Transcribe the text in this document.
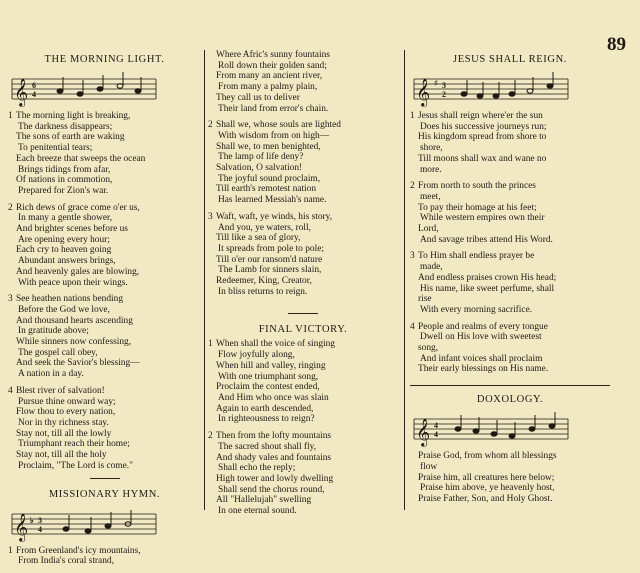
89
THE MORNING LIGHT.
𝄞 6
4
1 The morning light is breaking,
The darkness disappears;
The sons of earth are waking
To penitential tears;
Each breeze that sweeps the ocean
Brings tidings from afar,
Of nations in commotion,
Prepared for Zion's war.
2 Rich dews of grace come o'er us,
In many a gentle shower,
And brighter scenes before us
Are opening every hour;
Each cry to heaven going
Abundant answers brings,
And heavenly gales are blowing,
With peace upon their wings.
3 See heathen nations bending
Before the God we love,
And thousand hearts ascending
In gratitude above;
While sinners now confessing,
The gospel call obey,
And seek the Savior's blessing—
A nation in a day.
4 Blest river of salvation!
Pursue thine onward way;
Flow thou to every nation,
Nor in thy richness stay.
Stay not, till all the lowly
Triumphant reach their home;
Stay not, till all the holy
Proclaim, "The Lord is come."
MISSIONARY HYMN.
𝄞 ♭ 3
4
1 From Greenland's icy mountains,
From India's coral strand,
Where Afric's sunny fountains
Roll down their golden sand;
From many an ancient river,
From many a palmy plain,
They call us to deliver
Their land from error's chain.
2 Shall we, whose souls are lighted
With wisdom from on high—
Shall we, to men benighted,
The lamp of life deny?
Salvation, O salvation!
The joyful sound proclaim,
Till earth's remotest nation
Has learned Messiah's name.
3 Waft, waft, ye winds, his story,
And you, ye waters, roll,
Till like a sea of glory,
It spreads from pole to pole;
Till o'er our ransom'd nature
The Lamb for sinners slain,
Redeemer, King, Creator,
In bliss returns to reign.
FINAL VICTORY.
1 When shall the voice of singing
Flow joyfully along,
When hill and valley, ringing
With one triumphant song,
Proclaim the contest ended,
And Him who once was slain
Again to earth descended,
In righteousness to reign?
2 Then from the lofty mountains
The sacred shout shall fly,
And shady vales and fountains
Shall echo the reply;
High tower and lowly dwelling
Shall send the chorus round,
All "Hallelujah" swelling
In one eternal sound.
JESUS SHALL REIGN.
𝄞 ♯ 3
2
1 Jesus shall reign where'er the sun
Does his successive journeys run;
His kingdom spread from shore to
shore,
Till moons shall wax and wane no
more.
2 From north to south the princes
meet,
To pay their homage at his feet;
While western empires own their
Lord,
And savage tribes attend His Word.
3 To Him shall endless prayer be
made,
And endless praises crown His head;
His name, like sweet perfume, shall
rise
With every morning sacrifice.
4 People and realms of every tongue
Dwell on His love with sweetest
song,
And infant voices shall proclaim
Their early blessings on His name.
DOXOLOGY.
𝄞 4
4
Praise God, from whom all blessings
flow
Praise him, all creatures here below;
Praise him above, ye heavenly host,
Praise Father, Son, and Holy Ghost.
